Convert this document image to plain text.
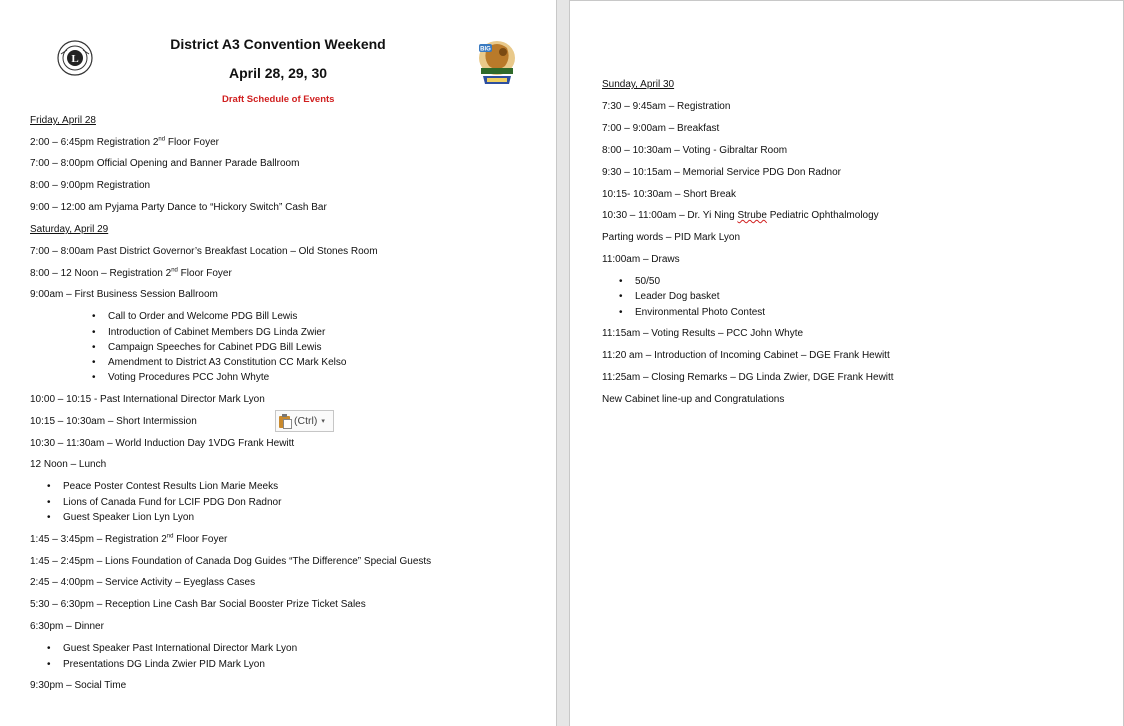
L
District A3 Convention Weekend
April 28, 29, 30
Draft Schedule of Events
BIG
Friday, April 28
2:00 – 6:45pm Registration 2nd Floor Foyer
7:00 – 8:00pm Official Opening and Banner Parade Ballroom
8:00 – 9:00pm Registration
9:00 – 12:00 am Pyjama Party Dance to “Hickory Switch” Cash Bar
Saturday, April 29
7:00 – 8:00am Past District Governor’s Breakfast Location – Old Stones Room
8:00 – 12 Noon – Registration 2nd Floor Foyer
9:00am – First Business Session Ballroom
• Call to Order and Welcome PDG Bill Lewis
• Introduction of Cabinet Members DG Linda Zwier
• Campaign Speeches for Cabinet PDG Bill Lewis
• Amendment to District A3 Constitution CC Mark Kelso
• Voting Procedures PCC John Whyte
10:00 – 10:15 - Past International Director Mark Lyon
10:15 – 10:30am – Short Intermission
10:30 – 11:30am – World Induction Day 1VDG Frank Hewitt
12 Noon – Lunch
• Peace Poster Contest Results Lion Marie Meeks
• Lions of Canada Fund for LCIF PDG Don Radnor
• Guest Speaker Lion Lyn Lyon
1:45 – 3:45pm – Registration 2nd Floor Foyer
1:45 – 2:45pm – Lions Foundation of Canada Dog Guides “The Difference” Special Guests
2:45 – 4:00pm – Service Activity – Eyeglass Cases
5:30 – 6:30pm – Reception Line Cash Bar Social Booster Prize Ticket Sales
6:30pm – Dinner
• Guest Speaker Past International Director Mark Lyon
• Presentations DG Linda Zwier PID Mark Lyon
9:30pm – Social Time
(Ctrl) ▾
Sunday, April 30
7:30 – 9:45am – Registration
7:00 – 9:00am – Breakfast
8:00 – 10:30am – Voting - Gibraltar Room
9:30 – 10:15am – Memorial Service PDG Don Radnor
10:15- 10:30am – Short Break
10:30 – 11:00am – Dr. Yi Ning Strube Pediatric Ophthalmology
Parting words – PID Mark Lyon
11:00am – Draws
• 50/50
• Leader Dog basket
• Environmental Photo Contest
11:15am – Voting Results – PCC John Whyte
11:20 am – Introduction of Incoming Cabinet – DGE Frank Hewitt
11:25am – Closing Remarks – DG Linda Zwier, DGE Frank Hewitt
New Cabinet line-up and Congratulations
